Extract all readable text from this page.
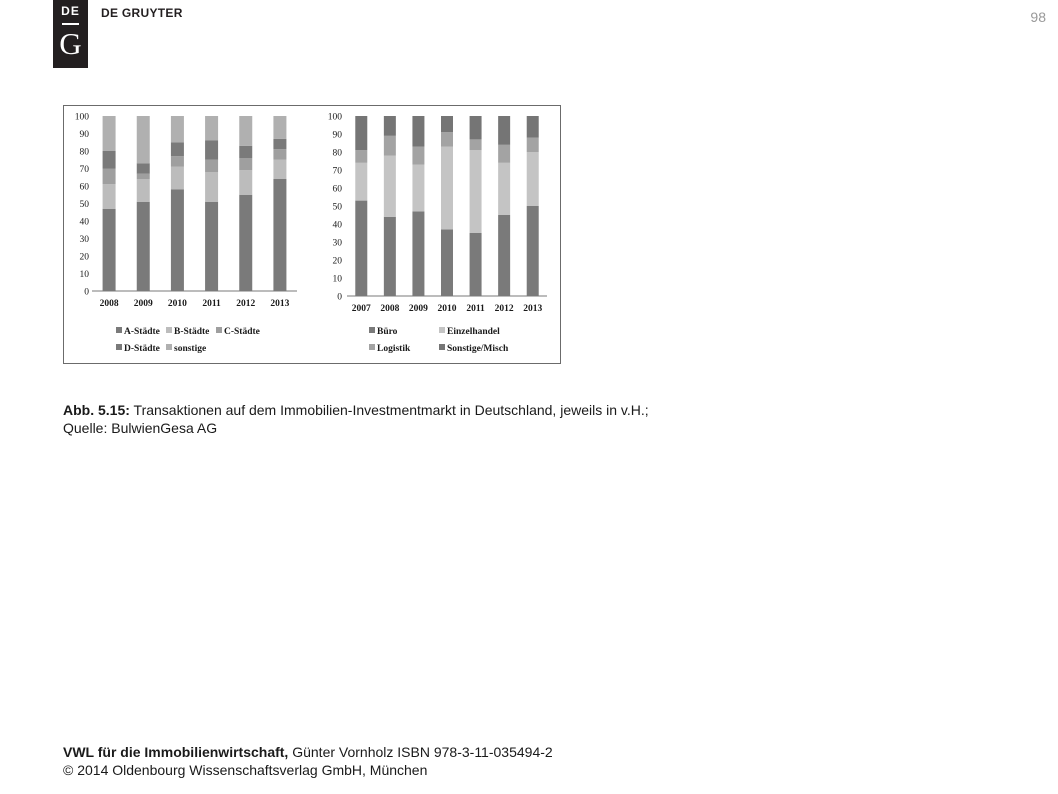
DE
G
DE GRUYTER	98
0
10
20
30
40
50
60
70
80
90
100
2008 2009 2010 2011 2012 2013
A-Städte B-Städte C-Städte
D-Städte sonstige
0
10
20
30
40
50
60
70
80
90
100
2007 2008 2009 2010 2011 2012 2013
Büro	Einzelhandel
Logistik	Sonstige/Misch
Abb. 5.15: Transaktionen auf dem Immobilien-Investmentmarkt in Deutschland, jeweils in v.H.;
Quelle: BulwienGesa AG
VWL für die Immobilienwirtschaft, Günter Vornholz ISBN 978-3-11-035494-2
© 2014 Oldenbourg Wissenschaftsverlag GmbH, München
